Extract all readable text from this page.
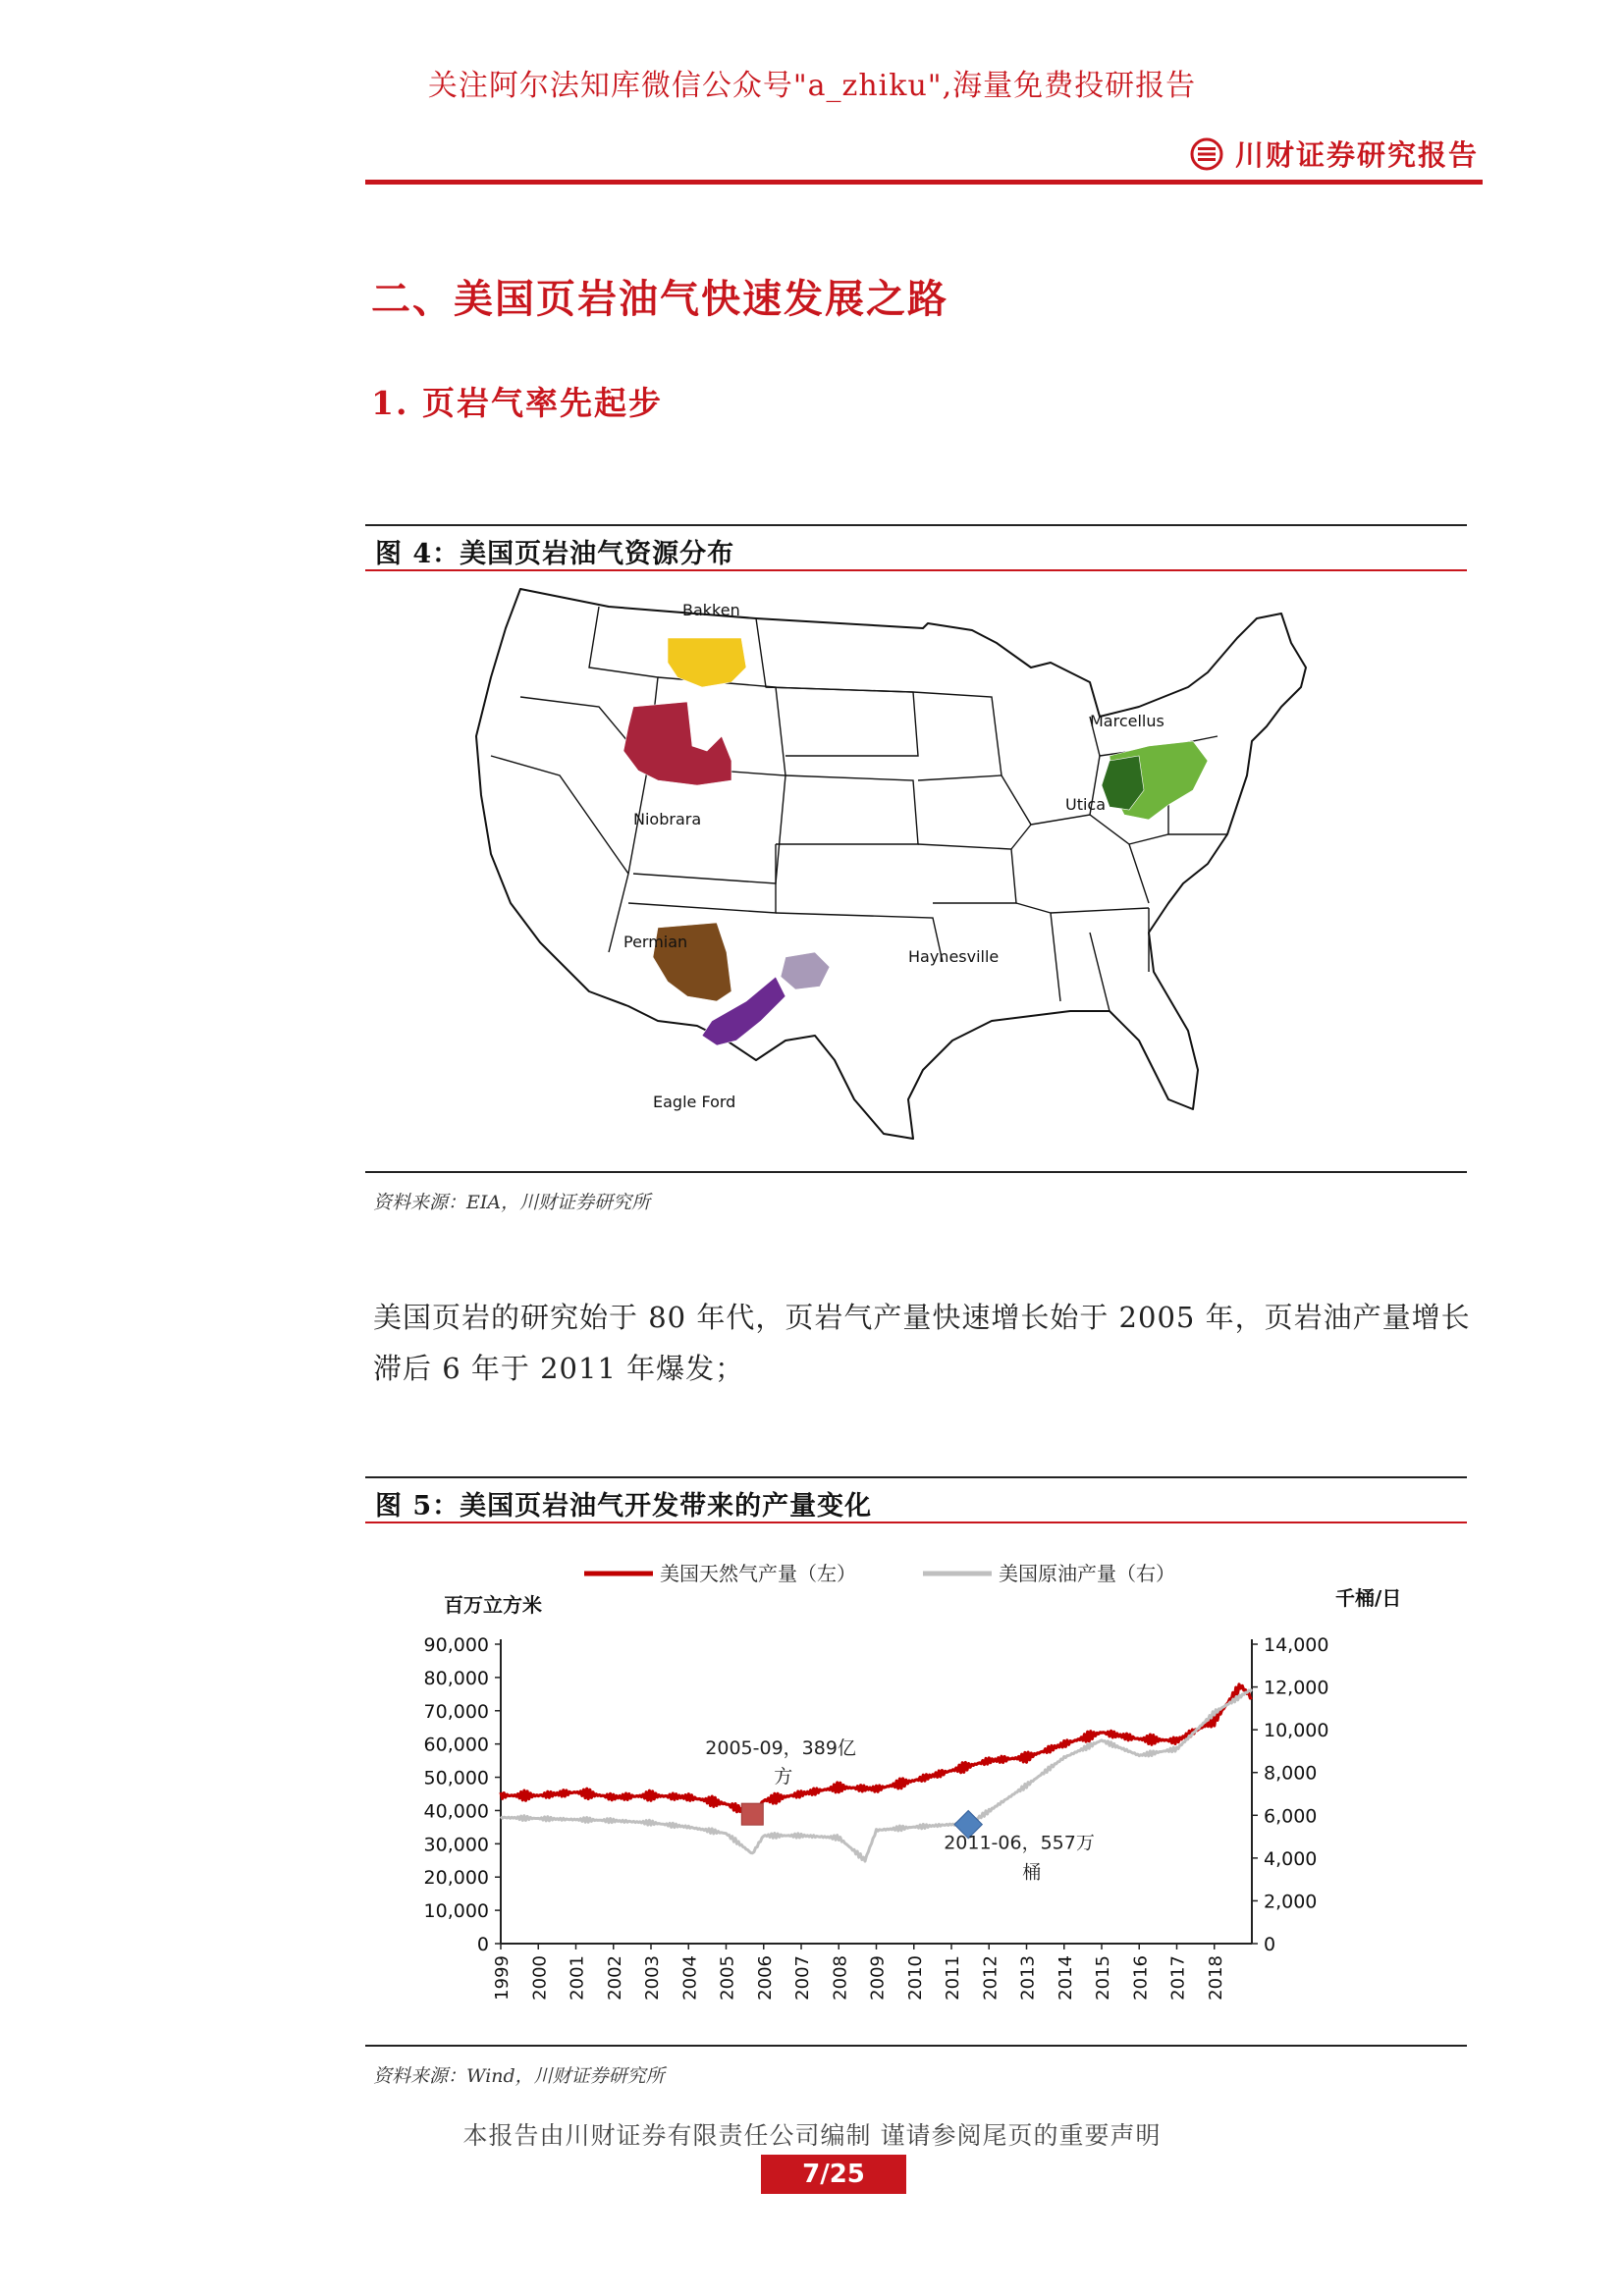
关注阿尔法知库微信公众号"a_zhiku",海量免费投研报告
川财证券研究报告
二、美国页岩油气快速发展之路
1. 页岩气率先起步
图 4：美国页岩油气资源分布
Bakken
Marcellus
Utica
Niobrara
Permian
Haynesville
Eagle Ford
资料来源：EIA，川财证券研究所
美国页岩的研究始于 80 年代，页岩气产量快速增长始于 2005 年，页岩油产量增长滞后 6 年于 2011 年爆发；
图 5：美国页岩油气开发带来的产量变化
美国天然气产量（左）	美国原油产量（右）
百万立方米	千桶/日
90,000
80,000
70,000
60,000
50,000
40,000
30,000
20,000
10,000
0
14,000
12,000
10,000
8,000
6,000
4,000
2,000
0
1999 2000 2001 2002 2003 2004 2005 2006 2007 2008 2009 2010 2011 2012 2013 2014 2015 2016 2017 2018
2005-09，389亿
方
2011-06，557万
桶
资料来源：Wind，川财证券研究所
本报告由川财证券有限责任公司编制 谨请参阅尾页的重要声明
7/25
